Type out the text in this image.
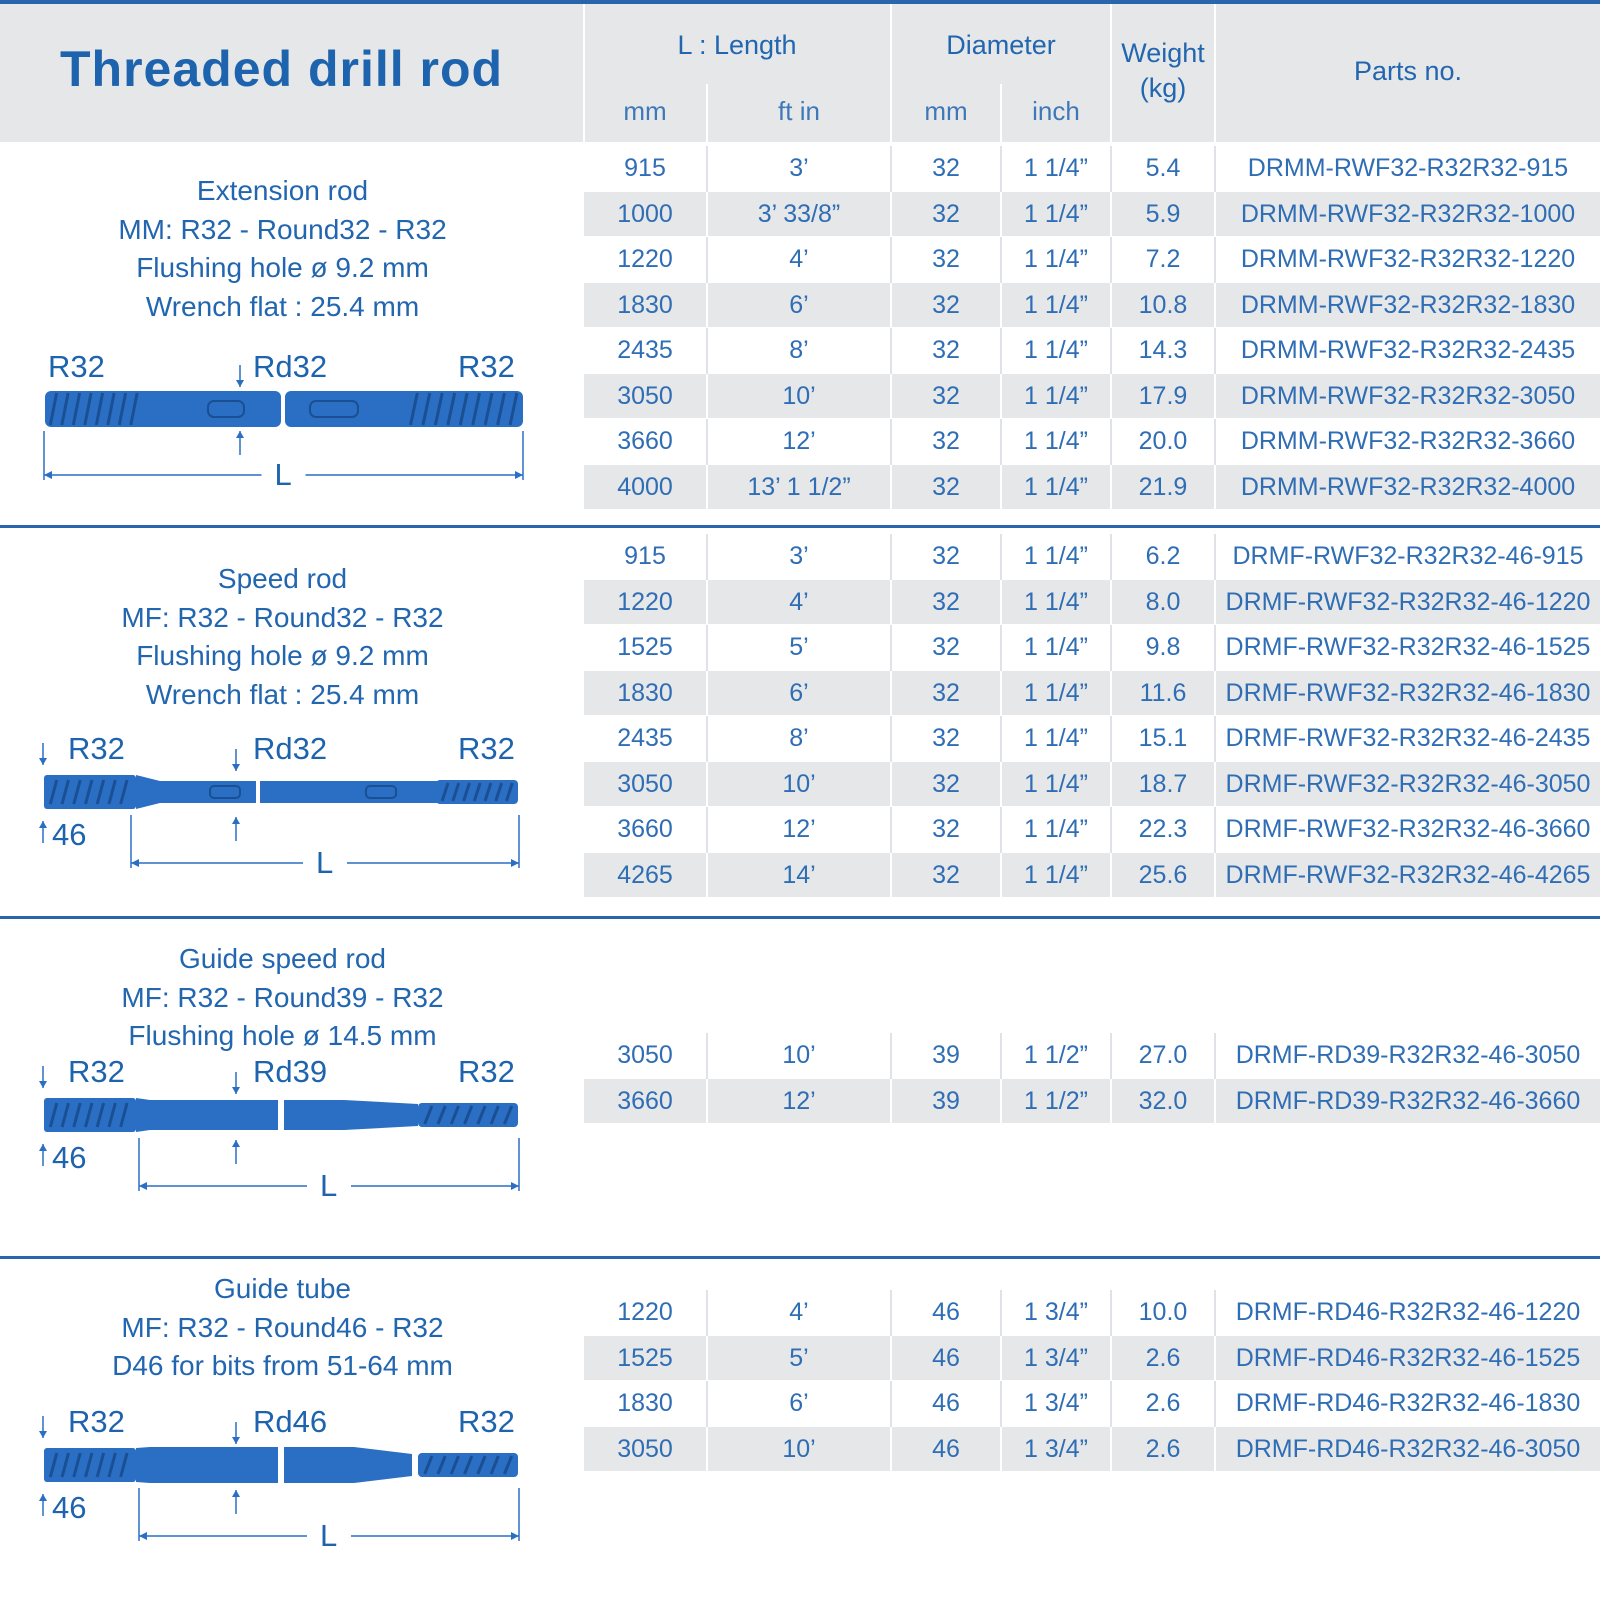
Threaded drill rod	L : Length
mm	ft in
Diameter
mm	inch
Weight
(kg)
Parts no.
Extension rod
MM: R32 - Round32 - R32
Flushing hole ø 9.2 mm
Wrench flat : 25.4 mm
915	3’	32	1 1/4”	5.4	DRMM-RWF32-R32R32-915
1000	3’ 33/8”	32	1 1/4”	5.9	DRMM-RWF32-R32R32-1000
1220	4’	32	1 1/4”	7.2	DRMM-RWF32-R32R32-1220
1830	6’	32	1 1/4”	10.8	DRMM-RWF32-R32R32-1830
2435	8’	32	1 1/4”	14.3	DRMM-RWF32-R32R32-2435
3050	10’	32	1 1/4”	17.9	DRMM-RWF32-R32R32-3050
3660	12’	32	1 1/4”	20.0	DRMM-RWF32-R32R32-3660
4000	13’ 1 1/2”	32	1 1/4”	21.9	DRMM-RWF32-R32R32-4000
R32	Rd32	R32
L
Speed rod
MF: R32 - Round32 - R32
Flushing hole ø 9.2 mm
Wrench flat : 25.4 mm
915	3’	32	1 1/4”	6.2	DRMF-RWF32-R32R32-46-915
1220	4’	32	1 1/4”	8.0	DRMF-RWF32-R32R32-46-1220
1525	5’	32	1 1/4”	9.8	DRMF-RWF32-R32R32-46-1525
1830	6’	32	1 1/4”	11.6	DRMF-RWF32-R32R32-46-1830
2435	8’	32	1 1/4”	15.1	DRMF-RWF32-R32R32-46-2435
3050	10’	32	1 1/4”	18.7	DRMF-RWF32-R32R32-46-3050
3660	12’	32	1 1/4”	22.3	DRMF-RWF32-R32R32-46-3660
4265	14’	32	1 1/4”	25.6	DRMF-RWF32-R32R32-46-4265
R32	Rd32	R32
46
L
Guide speed rod
MF: R32 - Round39 - R32
Flushing hole ø 14.5 mm
3050	10’	39	1 1/2”	27.0	DRMF-RD39-R32R32-46-3050
3660	12’	39	1 1/2”	32.0	DRMF-RD39-R32R32-46-3660
R32	Rd39	R32
46
L
Guide tube
MF: R32 - Round46 - R32
D46 for bits from 51-64 mm
1220	4’	46	1 3/4”	10.0	DRMF-RD46-R32R32-46-1220
1525	5’	46	1 3/4”	2.6	DRMF-RD46-R32R32-46-1525
1830	6’	46	1 3/4”	2.6	DRMF-RD46-R32R32-46-1830
3050	10’	46	1 3/4”	2.6	DRMF-RD46-R32R32-46-3050
R32	Rd46	R32
46
L
